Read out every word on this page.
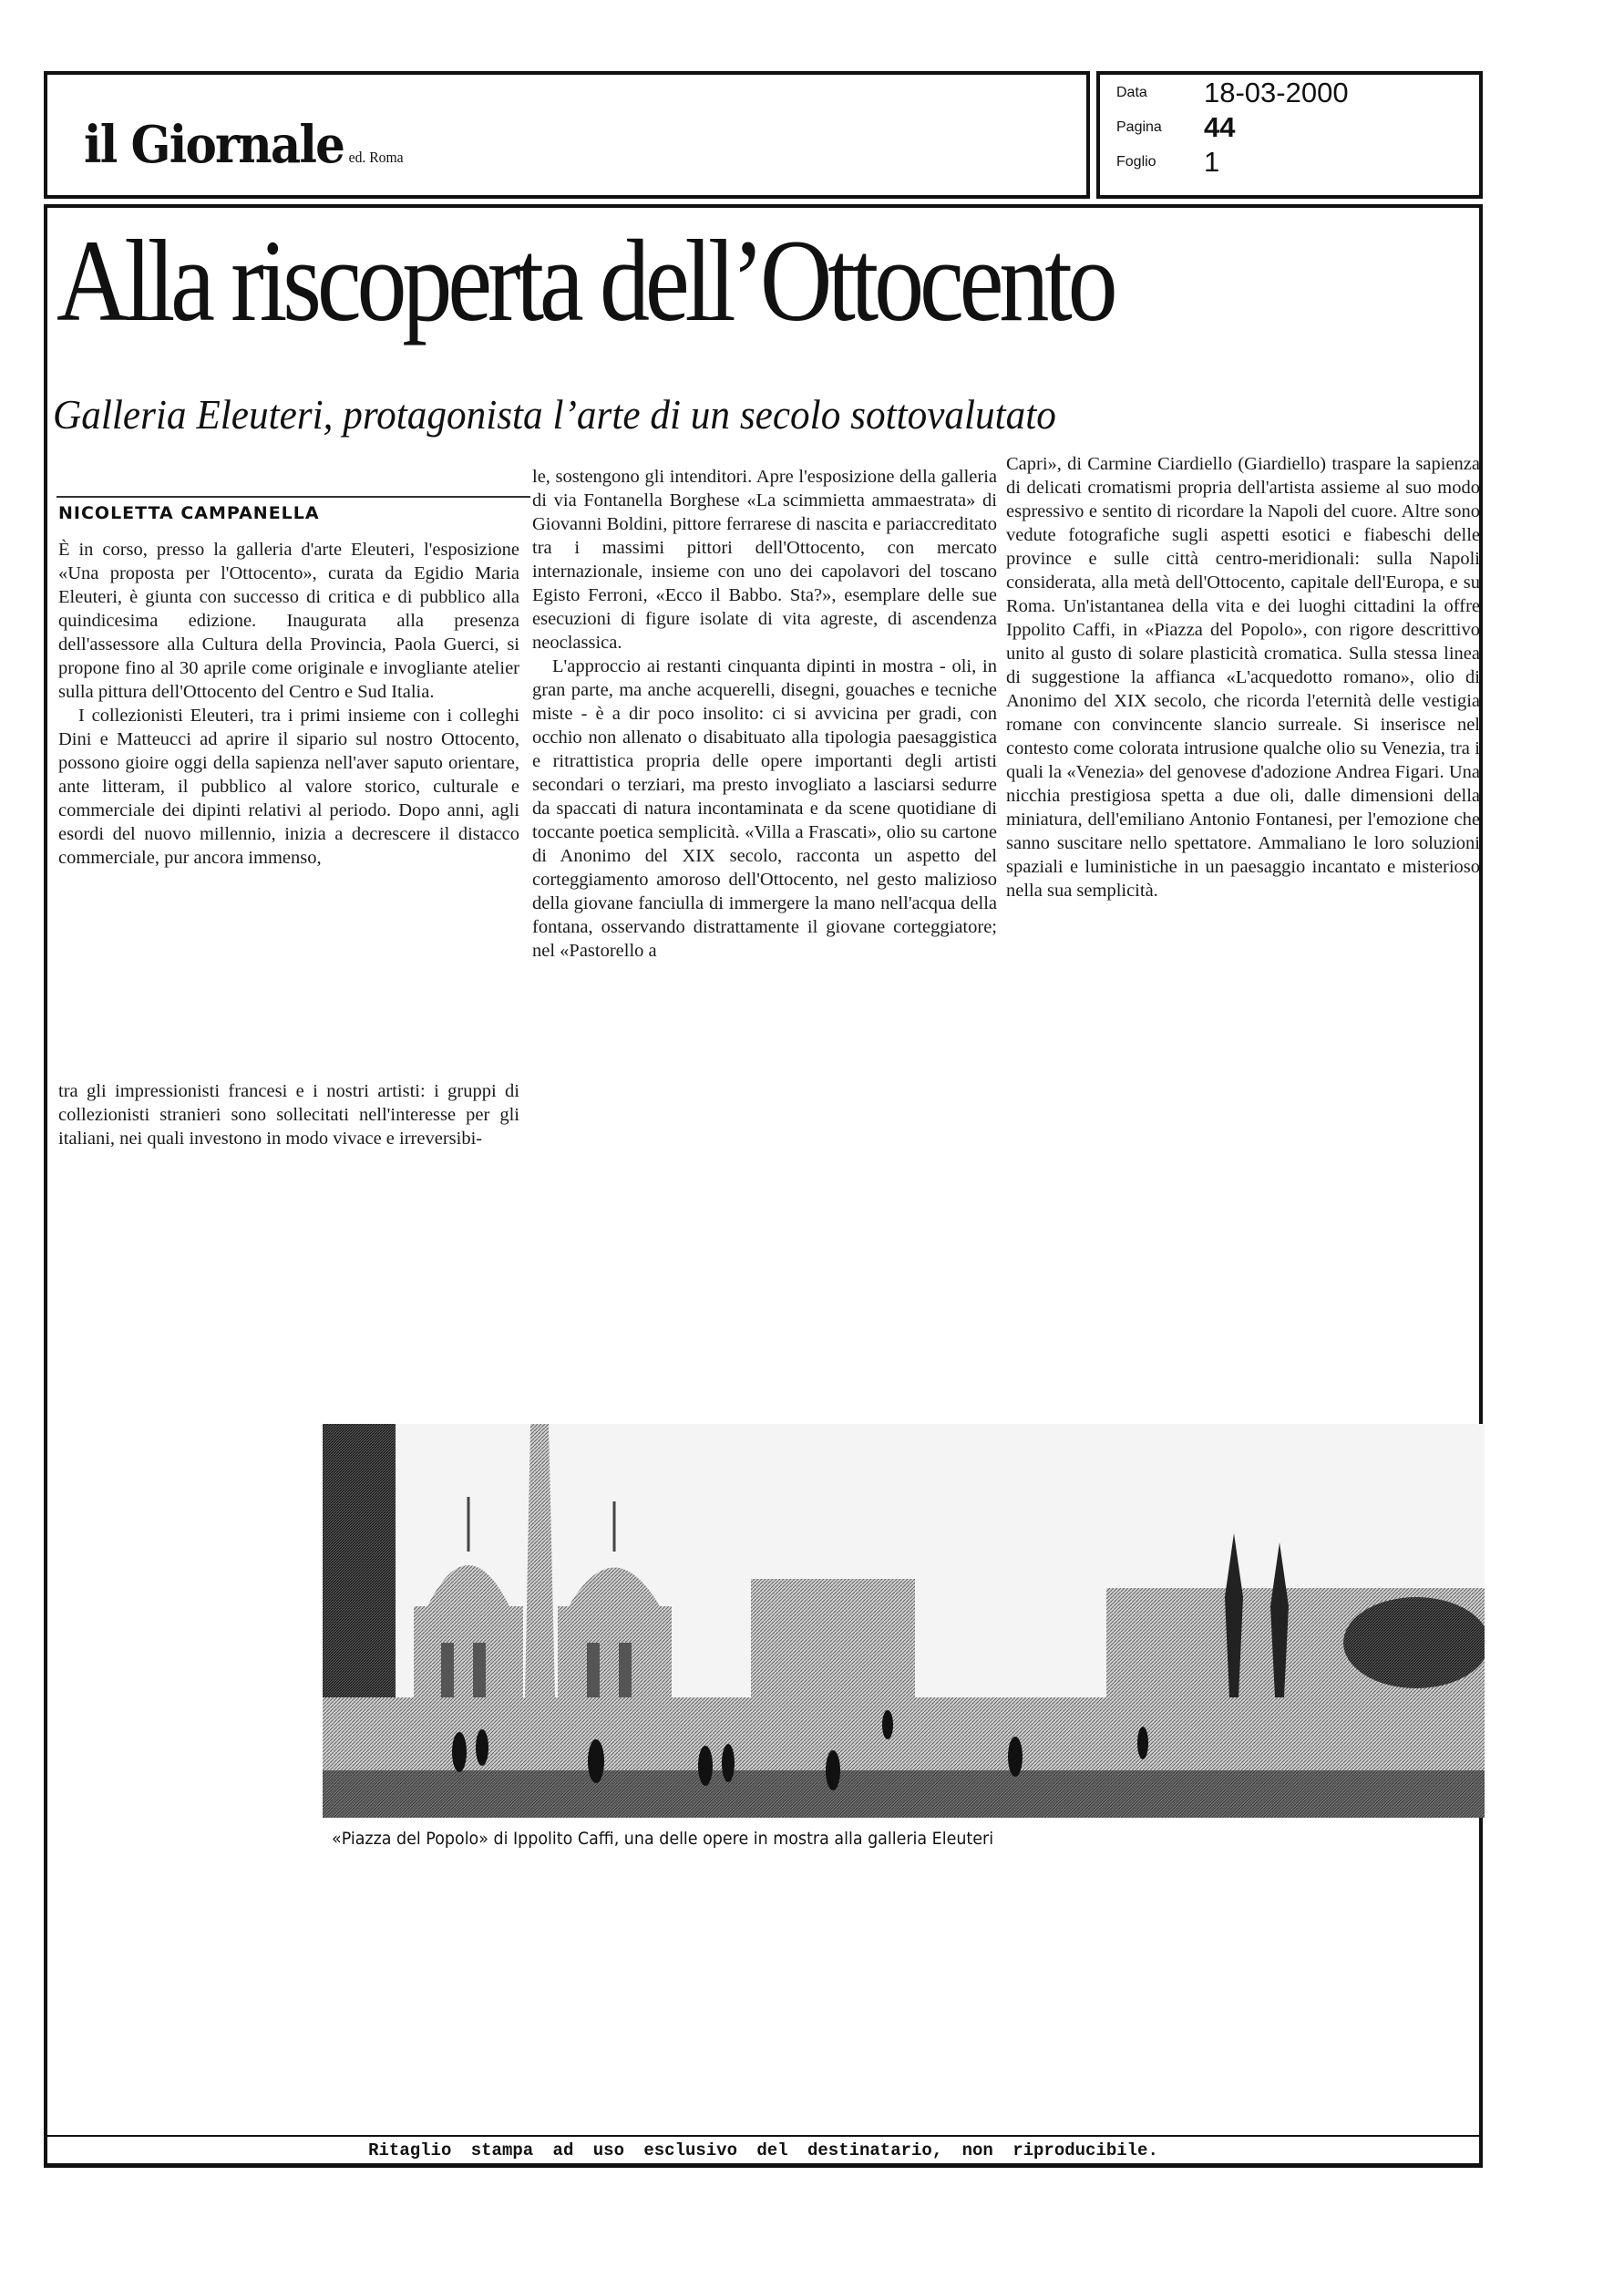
il Giornale ed. Roma
Data 18-03-2000
Pagina 44
Foglio 1
Alla riscoperta dell’Ottocento
Galleria Eleuteri, protagonista l’arte di un secolo sottovalutato
NICOLETTA CAMPANELLA

È in corso, presso la galleria d'arte Eleuteri, l'esposizione «Una proposta per l'Ottocento», curata da Egidio Maria Eleuteri, è giunta con successo di critica e di pubblico alla quindicesima edizione. Inaugurata alla presenza dell'assessore alla Cultura della Provincia, Paola Guerci, si propone fino al 30 aprile come originale e invogliante atelier sulla pittura dell'Ottocento del Centro e Sud Italia.

I collezionisti Eleuteri, tra i primi insieme con i colleghi Dini e Matteucci ad aprire il sipario sul nostro Ottocento, possono gioire oggi della sapienza nell'aver saputo orientare, ante litteram, il pubblico al valore storico, culturale e commerciale dei dipinti relativi al periodo. Dopo anni, agli esordi del nuovo millennio, inizia a decrescere il distacco commerciale, pur ancora immenso,

tra gli impressionisti francesi e i nostri artisti: i gruppi di collezionisti stranieri sono sollecitati nell'interesse per gli italiani, nei quali investono in modo vivace e irreversibi-

le, sostengono gli intenditori. Apre l'esposizione della galleria di via Fontanella Borghese «La scimmietta ammaestrata» di Giovanni Boldini, pittore ferrarese di nascita e pariaccreditato tra i massimi pittori dell'Ottocento, con mercato internazionale, insieme con uno dei capolavori del toscano Egisto Ferroni, «Ecco il Babbo. Sta?», esemplare delle sue esecuzioni di figure isolate di vita agreste, di ascendenza neoclassica.

L'approccio ai restanti cinquanta dipinti in mostra - oli, in gran parte, ma anche acquerelli, disegni, gouaches e tecniche miste - è a dir poco insolito: ci si avvicina per gradi, con occhio non allenato o disabituato alla tipologia paesaggistica e ritrattistica propria delle opere importanti degli artisti secondari o terziari, ma presto invogliato a lasciarsi sedurre da spaccati di natura incontaminata e da scene quotidiane di toccante poetica semplicità. «Villa a Frascati», olio su cartone di Anonimo del XIX secolo, racconta un aspetto del corteggiamento amoroso dell'Ottocento, nel gesto malizioso della giovane fanciulla di immergere la mano nell'acqua della fontana, osservando distrattamente il giovane corteggiatore; nel «Pastorello a

Capri», di Carmine Ciardiello (Giardiello) traspare la sapienza di delicati cromatismi propria dell'artista assieme al suo modo espressivo e sentito di ricordare la Napoli del cuore. Altre sono vedute fotografiche sugli aspetti esotici e fiabeschi delle province e sulle città centro-meridionali: sulla Napoli considerata, alla metà dell'Ottocento, capitale dell'Europa, e su Roma. Un'istantanea della vita e dei luoghi cittadini la offre Ippolito Caffi, in «Piazza del Popolo», con rigore descrittivo unito al gusto di solare plasticità cromatica. Sulla stessa linea di suggestione la affianca «L'acquedotto romano», olio di Anonimo del XIX secolo, che ricorda l'eternità delle vestigia romane con convincente slancio surreale. Si inserisce nel contesto come colorata intrusione qualche olio su Venezia, tra i quali la «Venezia» del genovese d'adozione Andrea Figari. Una nicchia prestigiosa spetta a due oli, dalle dimensioni della miniatura, dell'emiliano Antonio Fontanesi, per l'emozione che sanno suscitare nello spettatore. Ammaliano le loro soluzioni spaziali e luministiche in un paesaggio incantato e misterioso nella sua semplicità.

«Piazza del Popolo» di Ippolito Caffi, una delle opere in mostra alla galleria Eleuteri
Ritaglio stampa ad uso esclusivo del destinatario, non riproducibile.
